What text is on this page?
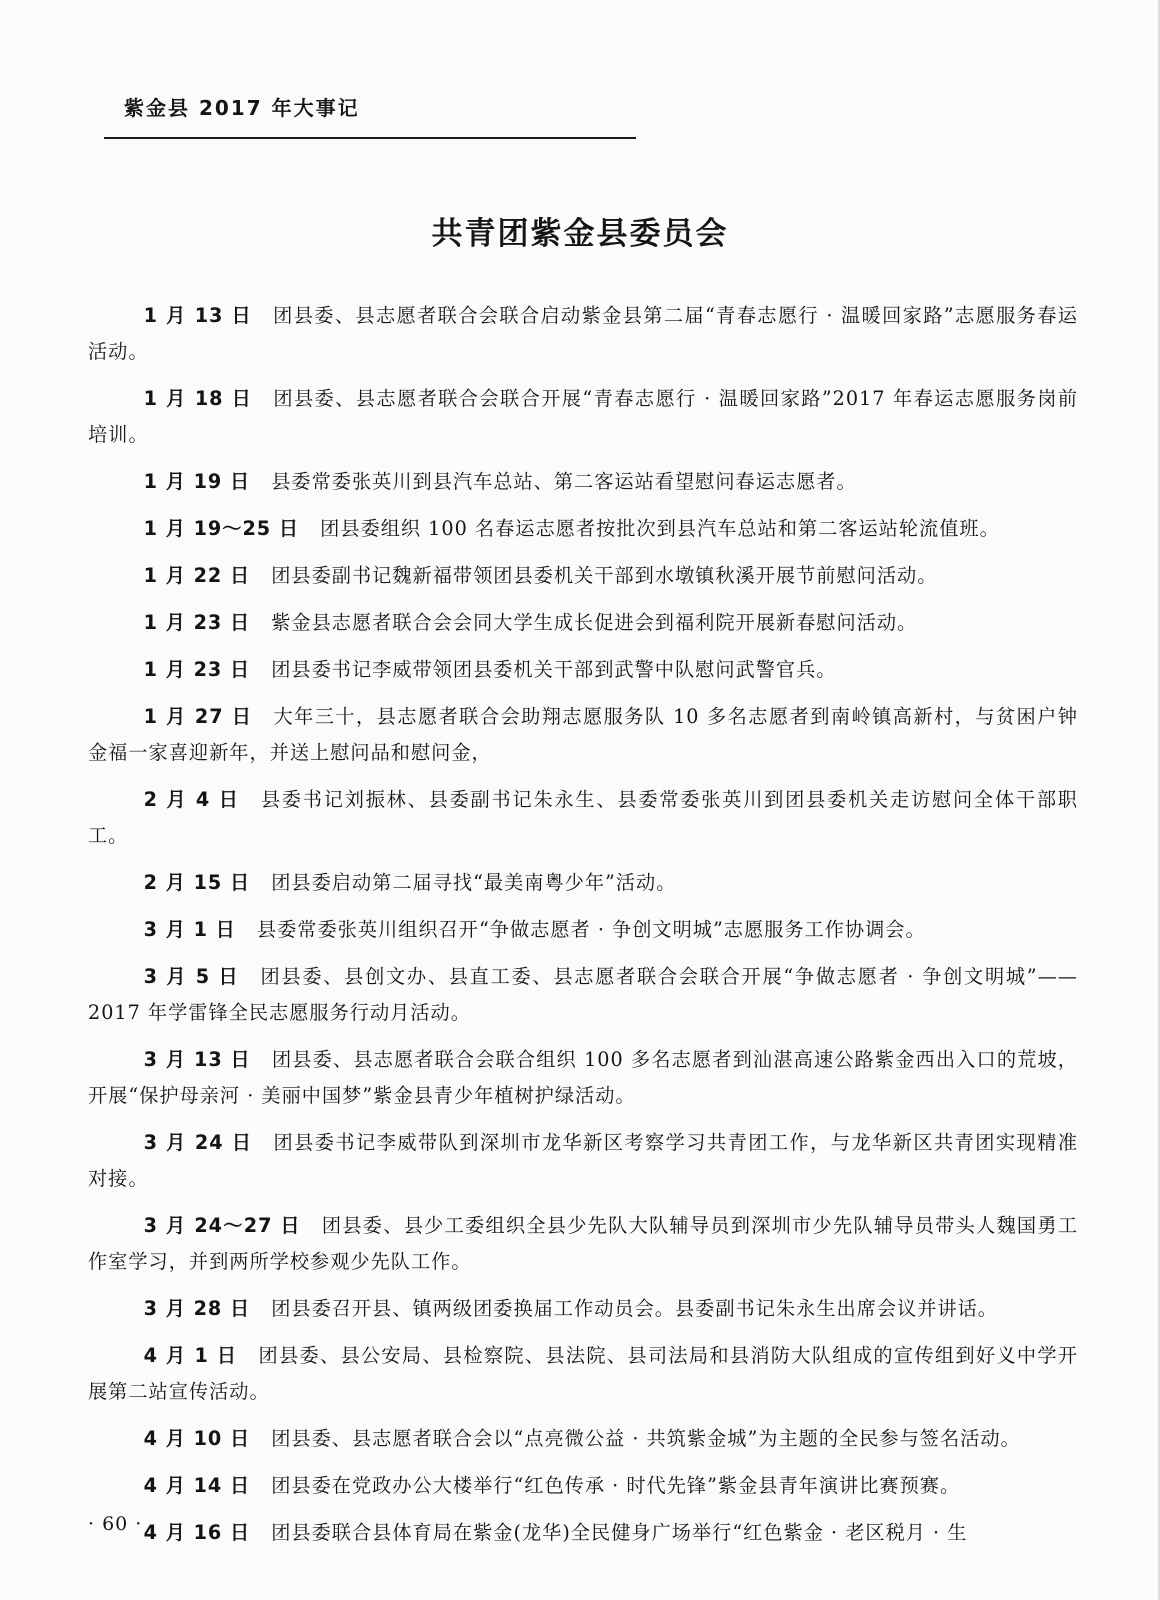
紫金县 2017 年大事记
共青团紫金县委员会

1 月 13 日 团县委、县志愿者联合会联合启动紫金县第二届“青春志愿行 · 温暖回家路”志愿服务春运活动。

1 月 18 日 团县委、县志愿者联合会联合开展“青春志愿行 · 温暖回家路”2017 年春运志愿服务岗前培训。

1 月 19 日 县委常委张英川到县汽车总站、第二客运站看望慰问春运志愿者。

1 月 19～25 日 团县委组织 100 名春运志愿者按批次到县汽车总站和第二客运站轮流值班。

1 月 22 日 团县委副书记魏新福带领团县委机关干部到水墩镇秋溪开展节前慰问活动。

1 月 23 日 紫金县志愿者联合会会同大学生成长促进会到福利院开展新春慰问活动。

1 月 23 日 团县委书记李威带领团县委机关干部到武警中队慰问武警官兵。

1 月 27 日 大年三十，县志愿者联合会助翔志愿服务队 10 多名志愿者到南岭镇高新村，与贫困户钟金福一家喜迎新年，并送上慰问品和慰问金，

2 月 4 日 县委书记刘振林、县委副书记朱永生、县委常委张英川到团县委机关走访慰问全体干部职工。

2 月 15 日 团县委启动第二届寻找“最美南粤少年”活动。

3 月 1 日 县委常委张英川组织召开“争做志愿者 · 争创文明城”志愿服务工作协调会。

3 月 5 日 团县委、县创文办、县直工委、县志愿者联合会联合开展“争做志愿者 · 争创文明城”——2017 年学雷锋全民志愿服务行动月活动。

3 月 13 日 团县委、县志愿者联合会联合组织 100 多名志愿者到汕湛高速公路紫金西出入口的荒坡，开展“保护母亲河 · 美丽中国梦”紫金县青少年植树护绿活动。

3 月 24 日 团县委书记李威带队到深圳市龙华新区考察学习共青团工作，与龙华新区共青团实现精准对接。

3 月 24～27 日 团县委、县少工委组织全县少先队大队辅导员到深圳市少先队辅导员带头人魏国勇工作室学习，并到两所学校参观少先队工作。

3 月 28 日 团县委召开县、镇两级团委换届工作动员会。县委副书记朱永生出席会议并讲话。

4 月 1 日 团县委、县公安局、县检察院、县法院、县司法局和县消防大队组成的宣传组到好义中学开展第二站宣传活动。

4 月 10 日 团县委、县志愿者联合会以“点亮微公益 · 共筑紫金城”为主题的全民参与签名活动。

4 月 14 日 团县委在党政办公大楼举行“红色传承 · 时代先锋”紫金县青年演讲比赛预赛。

4 月 16 日 团县委联合县体育局在紫金(龙华)全民健身广场举行“红色紫金 · 老区税月 · 生

· 60 ·
